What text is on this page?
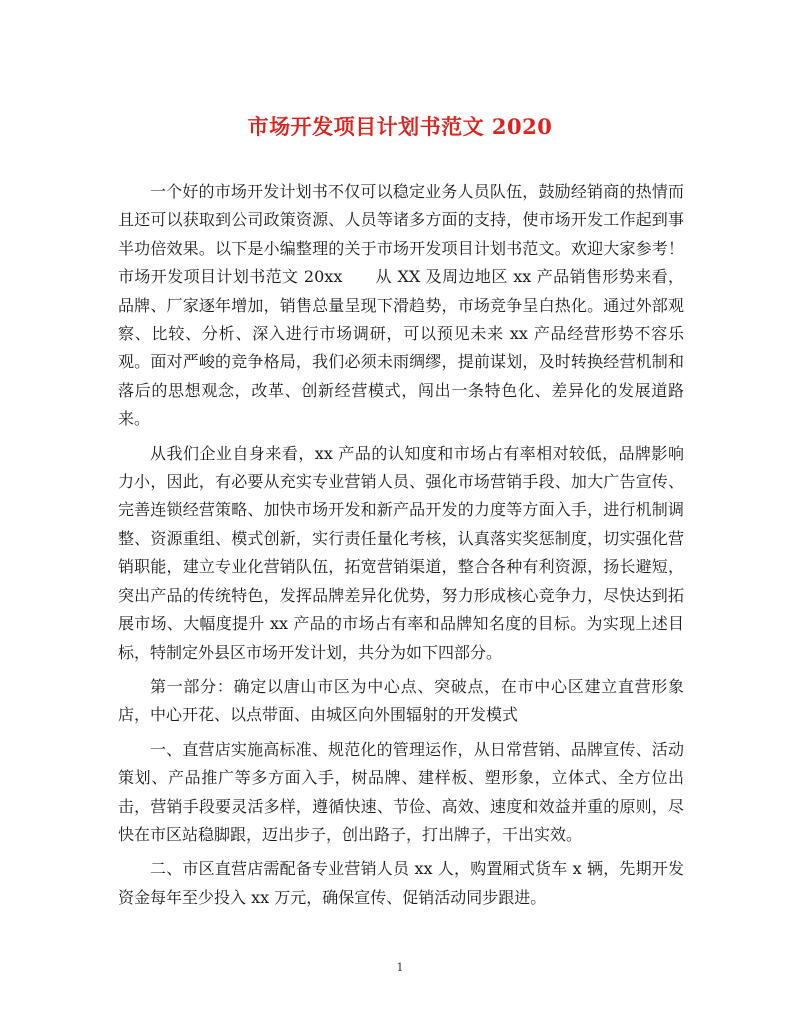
市场开发项目计划书范文 2020

一个好的市场开发计划书不仅可以稳定业务人员队伍，鼓励经销商的热情而且还可以获取到公司政策资源、人员等诸多方面的支持，使市场开发工作起到事半功倍效果。以下是小编整理的关于市场开发项目计划书范文。欢迎大家参考！市场开发项目计划书范文 20xx　　从 XX 及周边地区 xx 产品销售形势来看，品牌、厂家逐年增加，销售总量呈现下滑趋势，市场竞争呈白热化。通过外部观察、比较、分析、深入进行市场调研，可以预见未来 xx 产品经营形势不容乐观。面对严峻的竞争格局，我们必须未雨绸缪，提前谋划，及时转换经营机制和落后的思想观念，改革、创新经营模式，闯出一条特色化、差异化的发展道路来。

从我们企业自身来看，xx 产品的认知度和市场占有率相对较低，品牌影响力小，因此，有必要从充实专业营销人员、强化市场营销手段、加大广告宣传、完善连锁经营策略、加快市场开发和新产品开发的力度等方面入手，进行机制调整、资源重组、模式创新，实行责任量化考核，认真落实奖惩制度，切实强化营销职能，建立专业化营销队伍，拓宽营销渠道，整合各种有利资源，扬长避短，突出产品的传统特色，发挥品牌差异化优势，努力形成核心竞争力，尽快达到拓展市场、大幅度提升 xx 产品的市场占有率和品牌知名度的目标。为实现上述目标，特制定外县区市场开发计划，共分为如下四部分。

第一部分：确定以唐山市区为中心点、突破点，在市中心区建立直营形象店，中心开花、以点带面、由城区向外围辐射的开发模式

一、直营店实施高标准、规范化的管理运作，从日常营销、品牌宣传、活动策划、产品推广等多方面入手，树品牌、建样板、塑形象，立体式、全方位出击，营销手段要灵活多样，遵循快速、节俭、高效、速度和效益并重的原则，尽快在市区站稳脚跟，迈出步子，创出路子，打出牌子，干出实效。

二、市区直营店需配备专业营销人员 xx 人，购置厢式货车 x 辆，先期开发资金每年至少投入 xx 万元，确保宣传、促销活动同步跟进。

1
